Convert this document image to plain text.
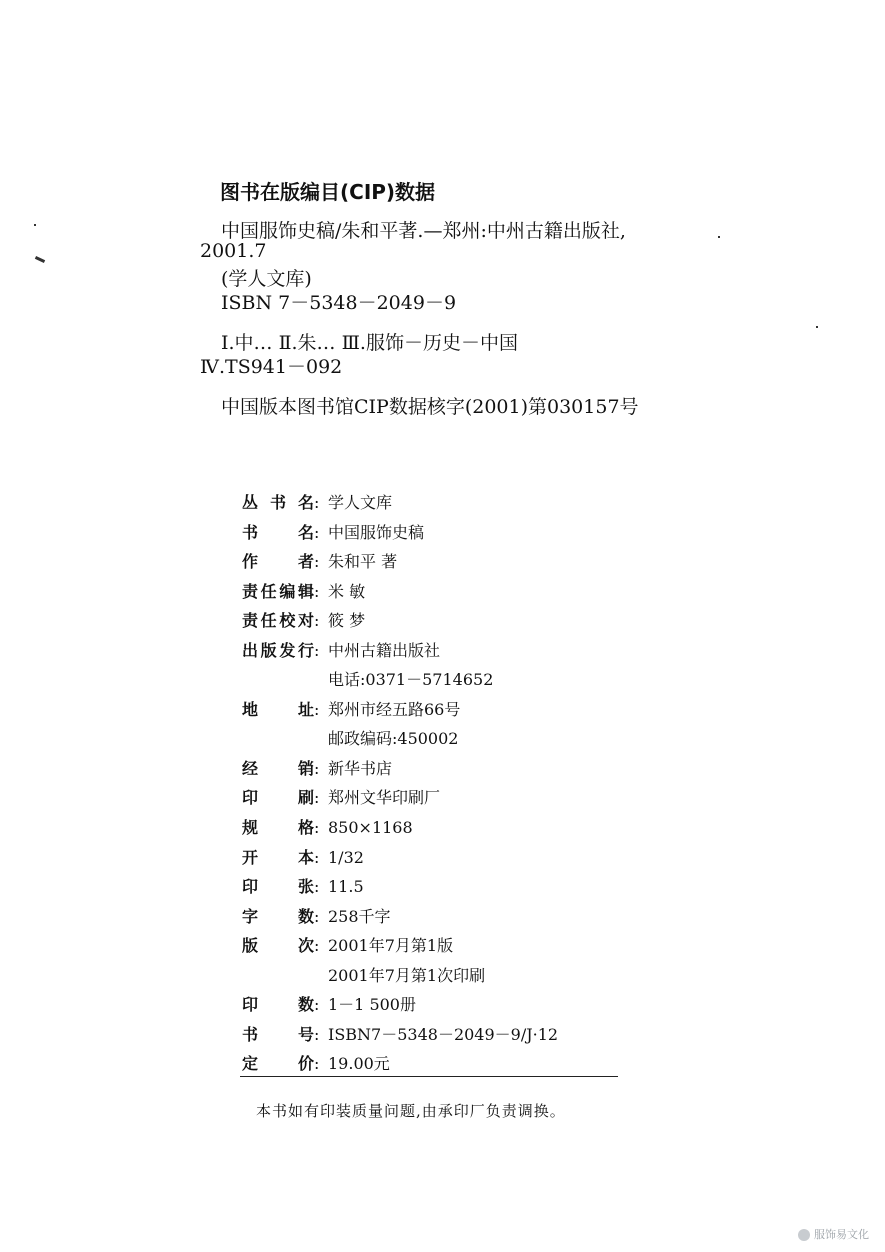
图书在版编目(CIP)数据
中国服饰史稿/朱和平著.—郑州:中州古籍出版社,
2001.7
(学人文库)
ISBN 7－5348－2049－9
Ⅰ.中… Ⅱ.朱… Ⅲ.服饰－历史－中国
Ⅳ.TS941－092
中国版本图书馆CIP数据核字(2001)第030157号
丛书名: 学人文库
书名: 中国服饰史稿
作者: 朱和平 著
责任编辑: 米 敏
责任校对: 筱 梦
出版发行: 中州古籍出版社
电话:0371－5714652
地址: 郑州市经五路66号
邮政编码:450002
经销: 新华书店
印刷: 郑州文华印刷厂
规格: 850×1168
开本: 1/32
印张: 11.5
字数: 258千字
版次: 2001年7月第1版
2001年7月第1次印刷
印数: 1－1 500册
书号: ISBN7－5348－2049－9/J·12
定价: 19.00元
本书如有印装质量问题,由承印厂负责调换。
服饰易文化
